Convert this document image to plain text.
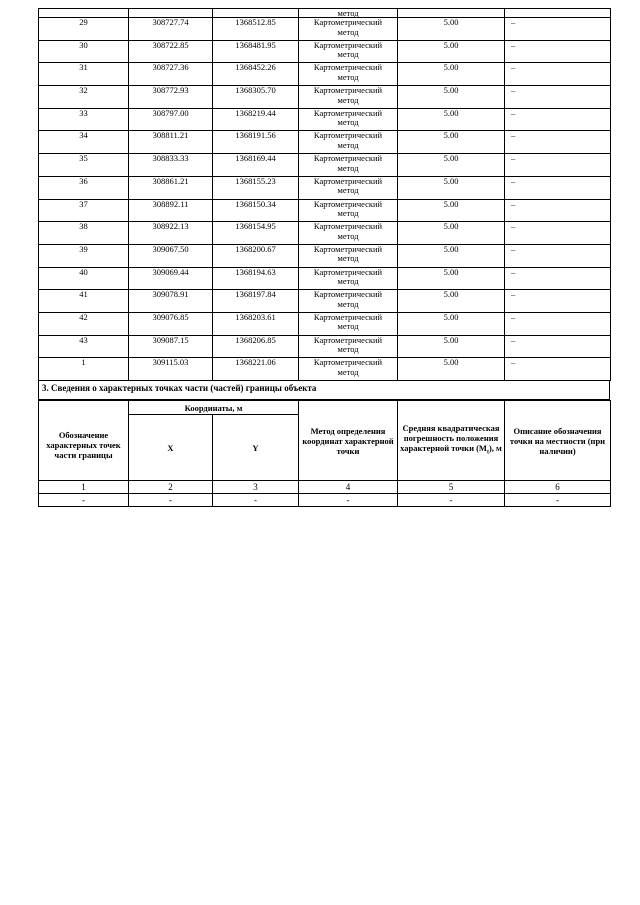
			метод		
29	308727.74	1368512.85	Картометрический
метод	5.00	–
30	308722.85	1368481.95	Картометрический
метод	5.00	–
31	308727.36	1368452.26	Картометрический
метод	5.00	–
32	308772.93	1368305.70	Картометрический
метод	5.00	–
33	308797.00	1368219.44	Картометрический
метод	5.00	–
34	308811.21	1368191.56	Картометрический
метод	5.00	–
35	308833.33	1368169.44	Картометрический
метод	5.00	–
36	308861.21	1368155.23	Картометрический
метод	5.00	–
37	308892.11	1368150.34	Картометрический
метод	5.00	–
38	308922.13	1368154.95	Картометрический
метод	5.00	–
39	309067.50	1368200.67	Картометрический
метод	5.00	–
40	309069.44	1368194.63	Картометрический
метод	5.00	–
41	309078.91	1368197.84	Картометрический
метод	5.00	–
42	309076.85	1368203.61	Картометрический
метод	5.00	–
43	309087.15	1368206.85	Картометрический
метод	5.00	–
1	309115.03	1368221.06	Картометрический
метод	5.00	–
3. Сведения о характерных точках части (частей) границы объекта
Обозначение характерных точек части границы	Координаты, м		Метод определения координат характерной точки	Средняя квадратическая погрешность положения характерной точки $(M_t)$, м	Описание обозначения точки на местности (при наличии)
	X	Y			
1	2	3	4	5	6
-	-	-	-	-	-
